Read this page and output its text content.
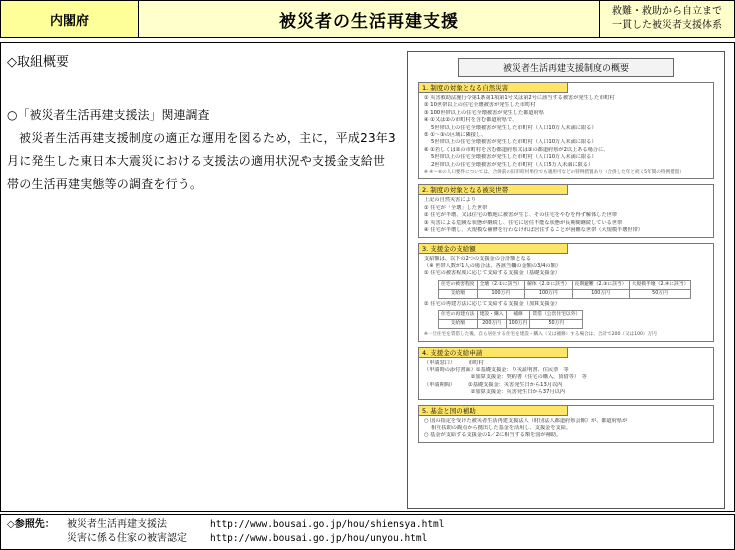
内閣府	被災者の生活再建支援	救難・救助から自立まで
一貫した被災者支援体系
◇取組概要
○「被災者生活再建支援法」関連調査
被災者生活再建支援制度の適正な運用を図るため，主に，平成23年3月に発生した東日本大震災における支援法の適用状況や支援金支給世帯の生活再建実態等の調査を行う。
被災者生活再建支援制度の概要
1. 制度の対象となる自然災害
① 災害救助法施行令第1条第1項第1号又は第2号に該当する被害が発生した市町村
② 10世帯以上の住宅全壊被害が発生した市町村
③ 100世帯以上の住宅全壊被害が発生した都道府県
④ ①又は②の市町村を含む都道府県で、
5世帯以上の住宅全壊被害が発生した市町村（人口10万人未満に限る）
⑤ ①～③の区域に隣接し、
5世帯以上の住宅全壊被害が発生した市町村（人口10万人未満に限る）
⑥ ①若しくは②の市町村を含む都道府県又は③の都道府県が2以上ある場合に、
5世帯以上の住宅全壊被害が発生した市町村（人口10万人未満に限る）
2世帯以上の住宅全壊被害が発生した市町村（人口5万人未満に限る）
※ ④～⑥の人口要件については、合併前の旧市町村単位でも適用可などの特例措置あり（合併した年と続く5年間の特例措置）
2. 制度の対象となる被災世帯
上記の自然災害により
① 住宅が「全壊」した世帯
② 住宅が半壊、又は住宅の敷地に被害が生じ、その住宅をやむを得ず解体した世帯
③ 災害による危険な状態が継続し、住宅に居住不能な状態が長期間継続している世帯
④ 住宅が半壊し、大規模な補修を行わなければ居住することが困難な世帯（大規模半壊世帯）
3. 支援金の支給額
支給額は、以下の2つの支援金の合計額となる
（※ 世帯人数が1人の場合は、各該当欄の金額の3/4の額）
① 住宅の被害程度に応じて支給する支援金（基礎支援金）
住宅の被害程度	全壊（2.①に該当）	解体（2.②に該当）	長期避難（2.③に該当）	大規模半壊（2.④に該当）
支給額	100万円	100万円	100万円	50万円
② 住宅の再建方法に応じて支給する支援金（加算支援金）
住宅の再建方法	建設・購入	補修	賃借（公営住宅以外）
支給額	200万円	100万円	50万円
※一旦住宅を賃借した後、自ら居住する住宅を建設・購入（又は補修）する場合は、合計で200（又は100）万円
4. 支援金の支給申請
（申請窓口）　　　市町村
（申請時の添付書面）①基礎支援金：り災証明書、住民票　等
　　　　　　　　　②加算支援金：契約書（住宅の購入、賃借等）　等
（申請期間）　　　①基礎支援金：災害発生日から13月以内
　　　　　　　　　②加算支援金：災害発生日から37月以内
5. 基金と国の補助
○ 国の指定を受けた被災者生活再建支援法人（財団法人都道府県会館）が、都道府県が
相互扶助の観点から拠出した基金を活用し、支援金を支給。
○ 基金が支給する支援金の1／2に相当する額を国が補助。
◇参照先：	被災者生活再建支援法	http://www.bousai.go.jp/hou/shiensya.html
災害に係る住家の被害認定	http://www.bousai.go.jp/hou/unyou.html
